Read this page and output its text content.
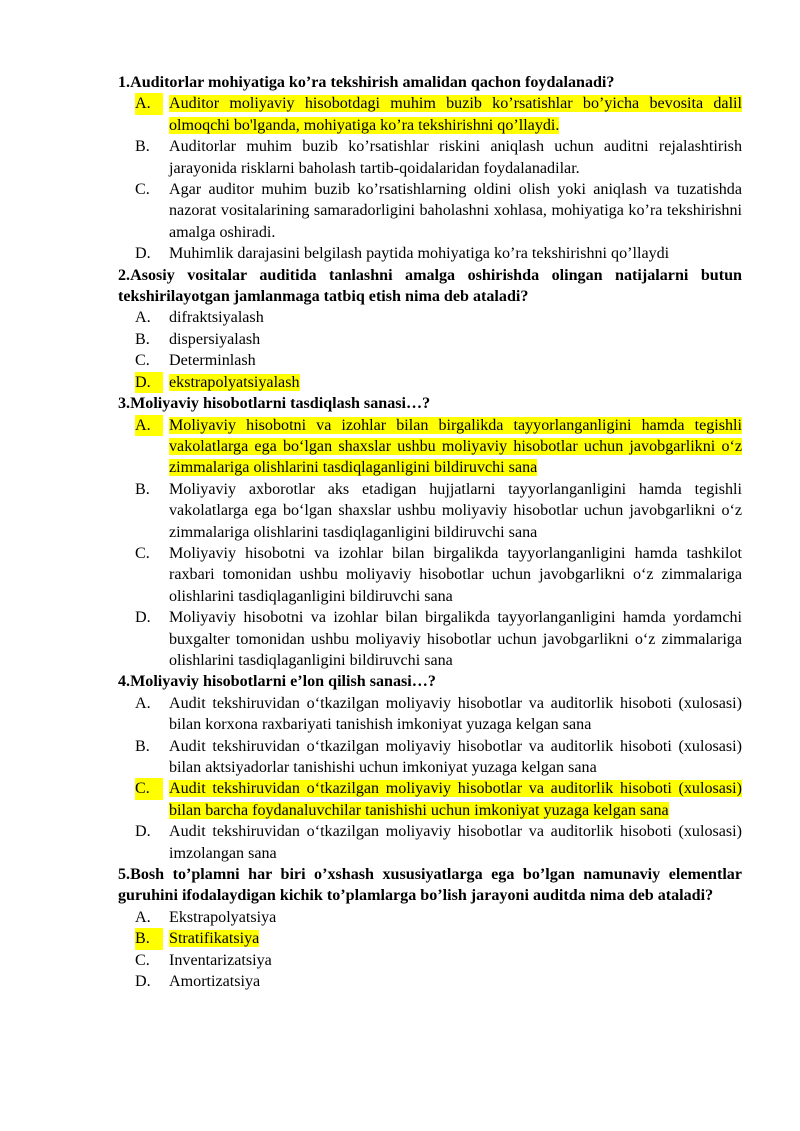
1.Auditorlar mohiyatiga ko’ra tekshirish amalidan qachon foydalanadi?

A.	Auditor moliyaviy hisobotdagi muhim buzib ko’rsatishlar bo’yicha bevosita dalil olmoqchi bo'lganda, mohiyatiga ko’ra tekshirishni qo’llaydi.
B.	Auditorlar muhim buzib ko’rsatishlar riskini aniqlash uchun auditni rejalashtirish jarayonida risklarni baholash tartib-qoidalaridan foydalanadilar.
C.	Agar auditor muhim buzib ko’rsatishlarning oldini olish yoki aniqlash va tuzatishda nazorat vositalarining samaradorligini baholashni xohlasa, mohiyatiga ko’ra tekshirishni amalga oshiradi.
D.	Muhimlik darajasini belgilash paytida mohiyatiga ko’ra tekshirishni qo’llaydi

2.Asosiy vositalar auditida tanlashni amalga oshirishda olingan natijalarni butun tekshirilayotgan jamlanmaga tatbiq etish nima deb ataladi?

A.	difraktsiyalash
B.	dispersiyalash
C.	Determinlash
D.	ekstrapolyatsiyalash

3.Moliyaviy hisobotlarni tasdiqlash sanasi…?

A.	Moliyaviy hisobotni va izohlar bilan birgalikda tayyorlanganligini hamda tegishli vakolatlarga ega bo‘lgan shaxslar ushbu moliyaviy hisobotlar uchun javobgarlikni o‘z zimmalariga olishlarini tasdiqlaganligini bildiruvchi sana
B.	Moliyaviy axborotlar aks etadigan hujjatlarni tayyorlanganligini hamda tegishli vakolatlarga ega bo‘lgan shaxslar ushbu moliyaviy hisobotlar uchun javobgarlikni o‘z zimmalariga olishlarini tasdiqlaganligini bildiruvchi sana
C.	Moliyaviy hisobotni va izohlar bilan birgalikda tayyorlanganligini hamda tashkilot raxbari tomonidan ushbu moliyaviy hisobotlar uchun javobgarlikni o‘z zimmalariga olishlarini tasdiqlaganligini bildiruvchi sana
D.	Moliyaviy hisobotni va izohlar bilan birgalikda tayyorlanganligini hamda yordamchi buxgalter tomonidan ushbu moliyaviy hisobotlar uchun javobgarlikni o‘z zimmalariga olishlarini tasdiqlaganligini bildiruvchi sana

4.Moliyaviy hisobotlarni e’lon qilish sanasi…?

A.	Audit tekshiruvidan o‘tkazilgan moliyaviy hisobotlar va auditorlik hisoboti (xulosasi) bilan korxona raxbariyati tanishish imkoniyat yuzaga kelgan sana
B.	Audit tekshiruvidan o‘tkazilgan moliyaviy hisobotlar va auditorlik hisoboti (xulosasi) bilan aktsiyadorlar tanishishi uchun imkoniyat yuzaga kelgan sana
C.	Audit tekshiruvidan o‘tkazilgan moliyaviy hisobotlar va auditorlik hisoboti (xulosasi) bilan barcha foydanaluvchilar tanishishi uchun imkoniyat yuzaga kelgan sana
D.	Audit tekshiruvidan o‘tkazilgan moliyaviy hisobotlar va auditorlik hisoboti (xulosasi) imzolangan sana

5.Bosh to’plamni har biri o’xshash xususiyatlarga ega bo’lgan namunaviy elementlar guruhini ifodalaydigan kichik to’plamlarga bo’lish jarayoni auditda nima deb ataladi?

A.	Ekstrapolyatsiya
B.	Stratifikatsiya
C.	Inventarizatsiya
D.	Amortizatsiya
